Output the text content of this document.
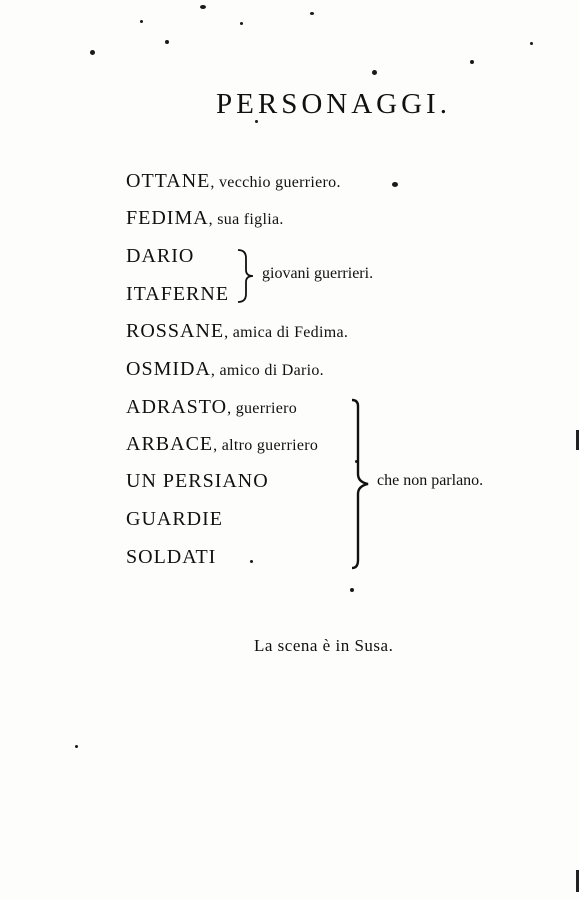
PERSONAGGI.
OTTANE, vecchio guerriero.
FEDIMA, sua figlia.
DARIO
ITAFERNE
giovani guerrieri.
ROSSANE, amica di Fedima.
OSMIDA, amico di Dario.
ADRASTO, guerriero
ARBACE, altro guerriero
UN PERSIANO
GUARDIE
SOLDATI
che non parlano.
La scena è in Susa.
